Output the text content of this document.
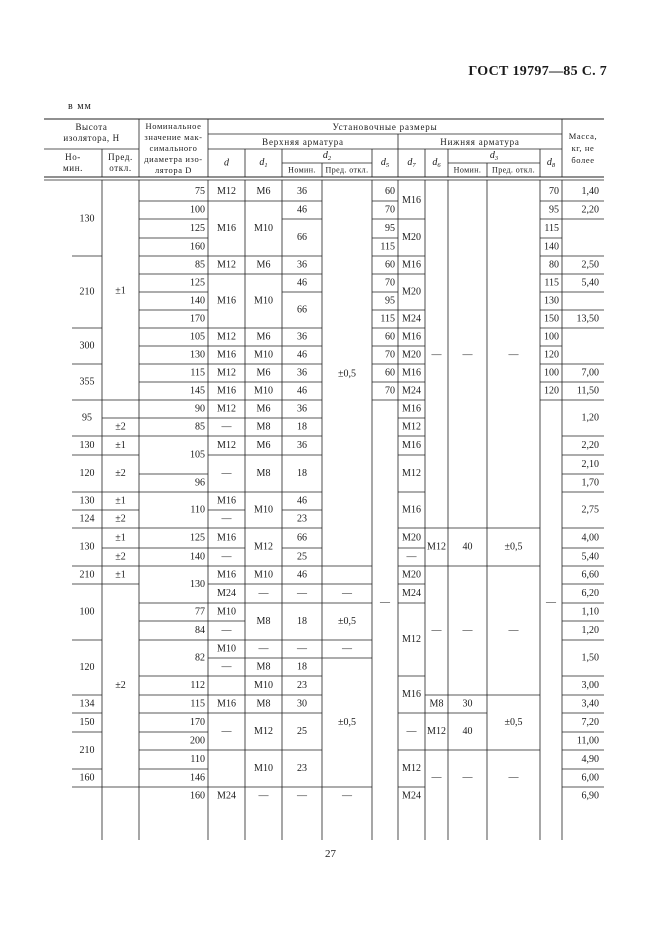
ГОСТ 19797—85 С. 7
в мм
Высота
изолятора, Н
Но-
мин.
Пред.
откл.
Номинальное
значение мак-
симального
диаметра изо-
лятора D
Масса,
кг, не
более
Установочные размеры
Верхняя арматура	Нижняя арматура
d	$d_1$
$d_2$
Номин. Пред. откл.
$d_5$ $d_7$ $d_6$
$d_3$
Номин. Пред. откл.
$d_8$
130
210
300
355
95
130
120
130
124
130
210
100
120
134
150
210
160
±1
±2
±1
±2
±1
±2
±1
±2
±1
±2
75
100
125
160
85
125
140
170
105
130
115
145
90
85
105
96
110
125
140
130
77
84
82
112
115
170
200
110
146
160
M12
M16
M12
M16
M12
M16
M12
M16
M12
—
M12
—
M16
—
M16
—
M16
M24
M10
—
M10
—
M16
—
M24
M6
M10
M6
M10
M6
M10
M6
M10
M6
M8
M6
M8
M10
M12
M10
—
M8
—
M8
M10
M8
M12
M10
—
36
46
66
36
46
66
36
46
36
46
36
18
36
18
46
23
66
25
46
—
18
—
18
23
30
25
23
—
±0,5
—
±0,5
—
±0,5
—
60
70
95
115
60
70
95
115
60
70
60
70
—
M16
M20
M16
M20
M24
M16
M20
M16
M24
M16
M12
M16
M12
M16
M20
—
M20
M24
M12
M16
—
M12
M24
—
M12
—
M8
M12
—
—
40
—
30
40
—
—
±0,5
—
±0,5
—
70
95
115
140
80
115
130
150
100
120
100
120
—
1,40
2,20
2,50
5,40
13,50
7,00
11,50
1,20
2,20
2,10
1,70
2,75
4,00
5,40
6,60
6,20
1,10
1,20
1,50
3,00
3,40
7,20
11,00
4,90
6,00
6,90
27
